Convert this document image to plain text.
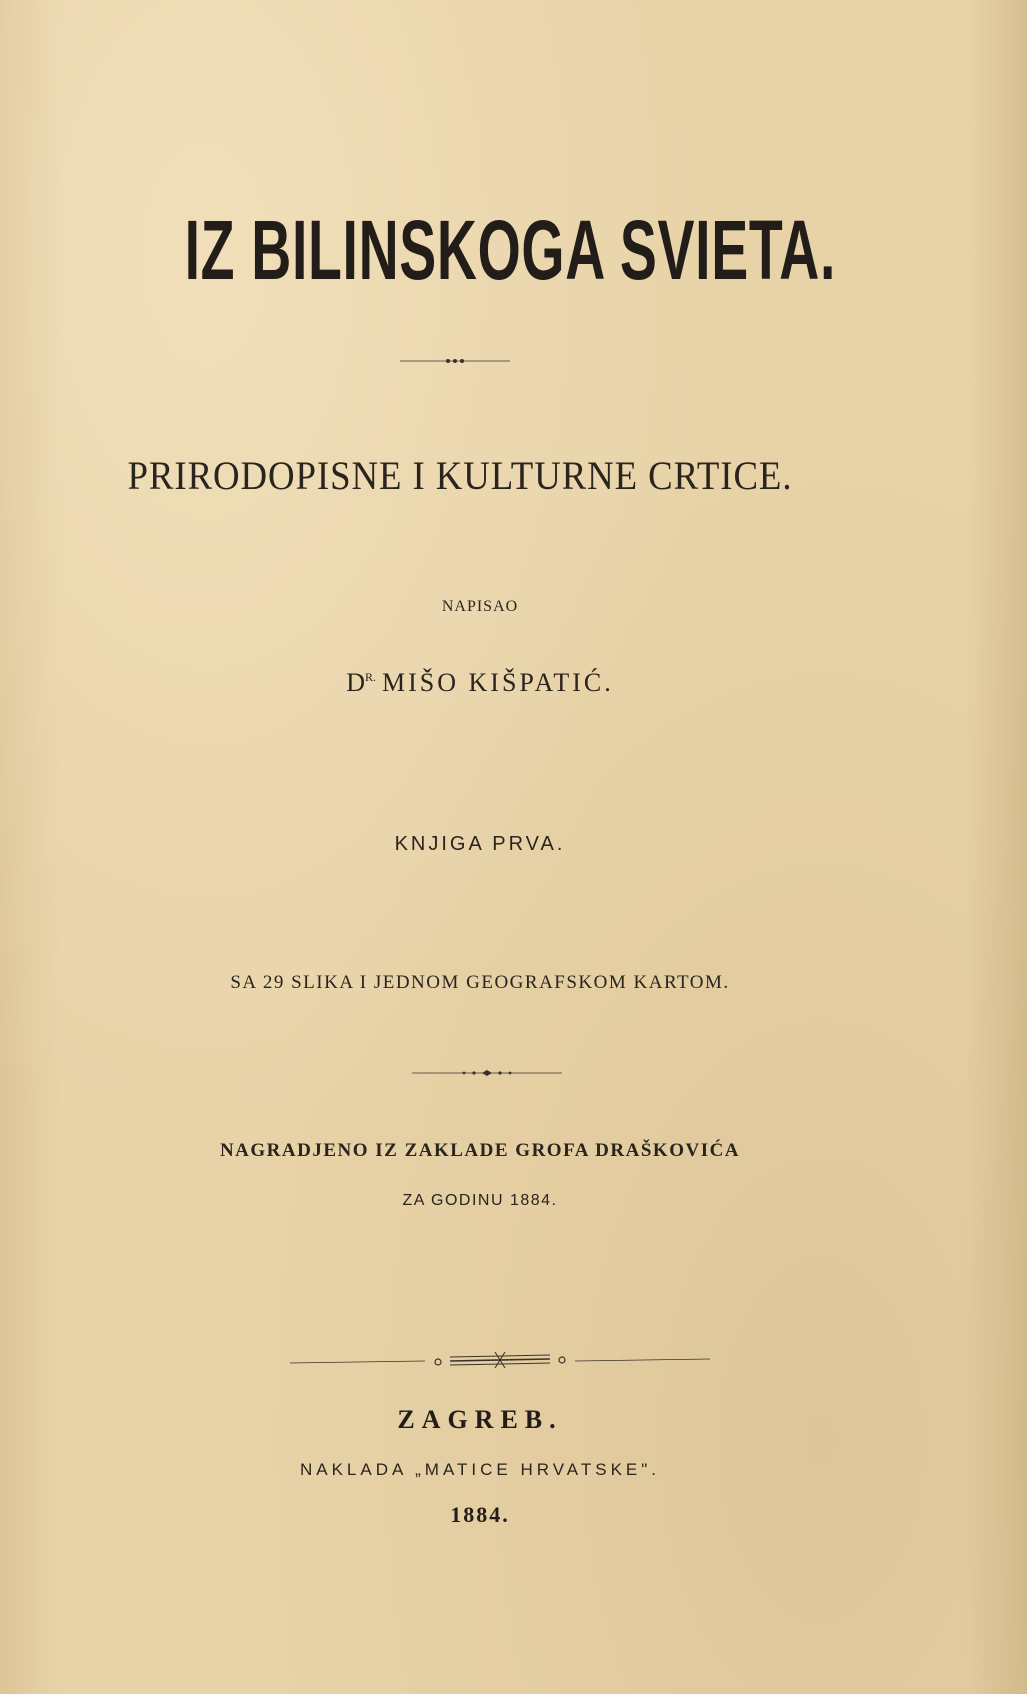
IZ BILINSKOGA SVIETA.
PRIRODOPISNE I KULTURNE CRTICE.
NAPISAO
$D^{R.}$ MIŠO KIŠPATIĆ.
KNJIGA PRVA.
SA 29 SLIKA I JEDNOM GEOGRAFSKOM KARTOM.
NAGRADJENO IZ ZAKLADE GROFA DRAŠKOVIĆA
ZA GODINU 1884.
ZAGREB.
NAKLADA „MATICE HRVATSKE".
1884.
